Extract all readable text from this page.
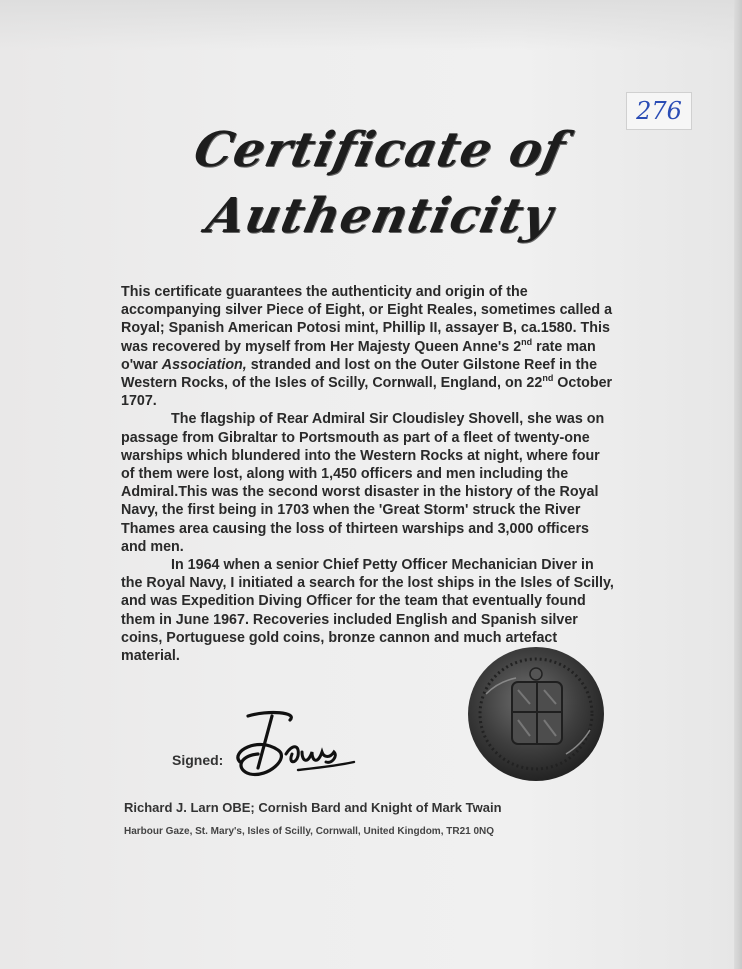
276
Certificate of
Authenticity

This certificate guarantees the authenticity and origin of the accompanying silver Piece of Eight, or Eight Reales, sometimes called a Royal; Spanish American Potosi mint, Phillip II, assayer B, ca.1580. This was recovered by myself from Her Majesty Queen Anne's 2nd rate man o'war Association, stranded and lost on the Outer Gilstone Reef in the Western Rocks, of the Isles of Scilly, Cornwall, England, on 22nd October 1707.

The flagship of Rear Admiral Sir Cloudisley Shovell, she was on passage from Gibraltar to Portsmouth as part of a fleet of twenty-one warships which blundered into the Western Rocks at night, where four of them were lost, along with 1,450 officers and men including the Admiral.This was the second worst disaster in the history of the Royal Navy, the first being in 1703 when the 'Great Storm' struck the River Thames area causing the loss of thirteen warships and 3,000 officers and men.

In 1964 when a senior Chief Petty Officer Mechanician Diver in the Royal Navy, I initiated a search for the lost ships in the Isles of Scilly, and was Expedition Diving Officer for the team that eventually found them in June 1967. Recoveries included English and Spanish silver coins, Portuguese gold coins, bronze cannon and much artefact material.

Signed:
Richard J. Larn OBE; Cornish Bard and Knight of Mark Twain
Harbour Gaze, St. Mary's, Isles of Scilly, Cornwall, United Kingdom, TR21 0NQ
